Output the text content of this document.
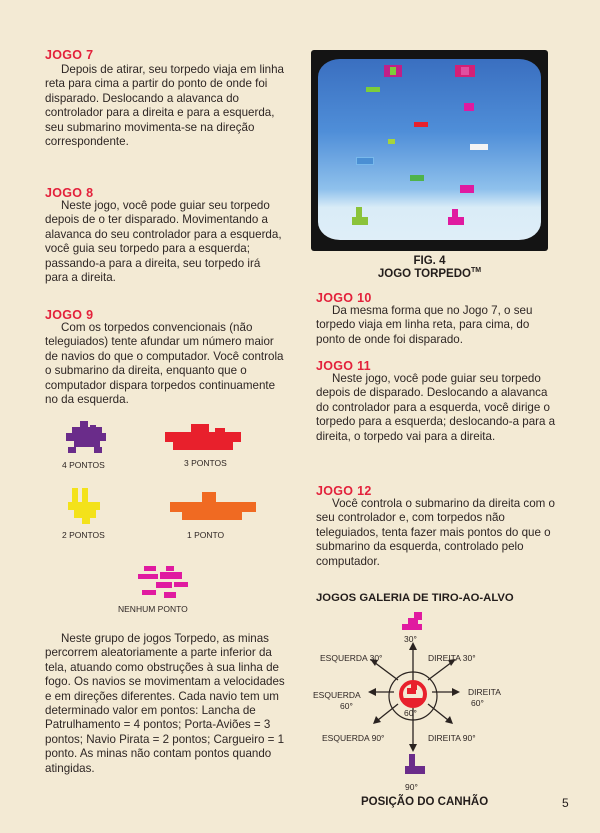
JOGO 7
Depois de atirar, seu torpedo viaja em linha reta para cima a partir do ponto de onde foi disparado. Deslocando a alavanca do controlador para a direita e para a esquerda, seu submarino movimenta-se na direção correspondente.
JOGO 8
Neste jogo, você pode guiar seu torpedo depois de o ter disparado. Movimentando a alavanca do seu controlador para a esquerda, você guia seu torpedo para a esquerda; passando-a para a direita, seu torpedo irá para a direita.
JOGO 9
Com os torpedos convencionais (não teleguiados) tente afundar um número maior de navios do que o computador. Você controla o submarino da direita, enquanto que o computador dispara torpedos continuamente no da esquerda.
4 PONTOS	3 PONTOS
2 PONTOS	1 PONTO
NENHUM PONTO
Neste grupo de jogos Torpedo, as minas percorrem aleatoriamente a parte inferior da tela, atuando como obstruções à sua linha de fogo. Os navios se movimentam a velocidades e em direções diferentes. Cada navio tem um determinado valor em pontos: Lancha de Patrulhamento = 4 pontos; Porta-Aviões = 3 pontos; Navio Pirata = 2 pontos; Cargueiro = 1 ponto. As minas não contam pontos quando atingidas.
FIG. 4
JOGO TORPEDO™
JOGO 10
Da mesma forma que no Jogo 7, o seu torpedo viaja em linha reta, para cima, do ponto de onde foi disparado.
JOGO 11
Neste jogo, você pode guiar seu torpedo depois de disparado. Deslocando a alavanca do controlador para a esquerda, você dirige o torpedo para a esquerda; deslocando-a para a direita, o torpedo vai para a direita.
JOGO 12
Você controla o submarino da direita com o seu controlador e, com torpedos não teleguiados, tenta fazer mais pontos do que o submarino da esquerda, controlado pelo computador.
JOGOS GALERIA DE TIRO-AO-ALVO
30°
ESQUERDA 30°	DIREITA 30°
ESQUERDA
60°
DIREITA
60°
60°
ESQUERDA 90°	DIREITA 90°
90°
POSIÇÃO DO CANHÃO	5
